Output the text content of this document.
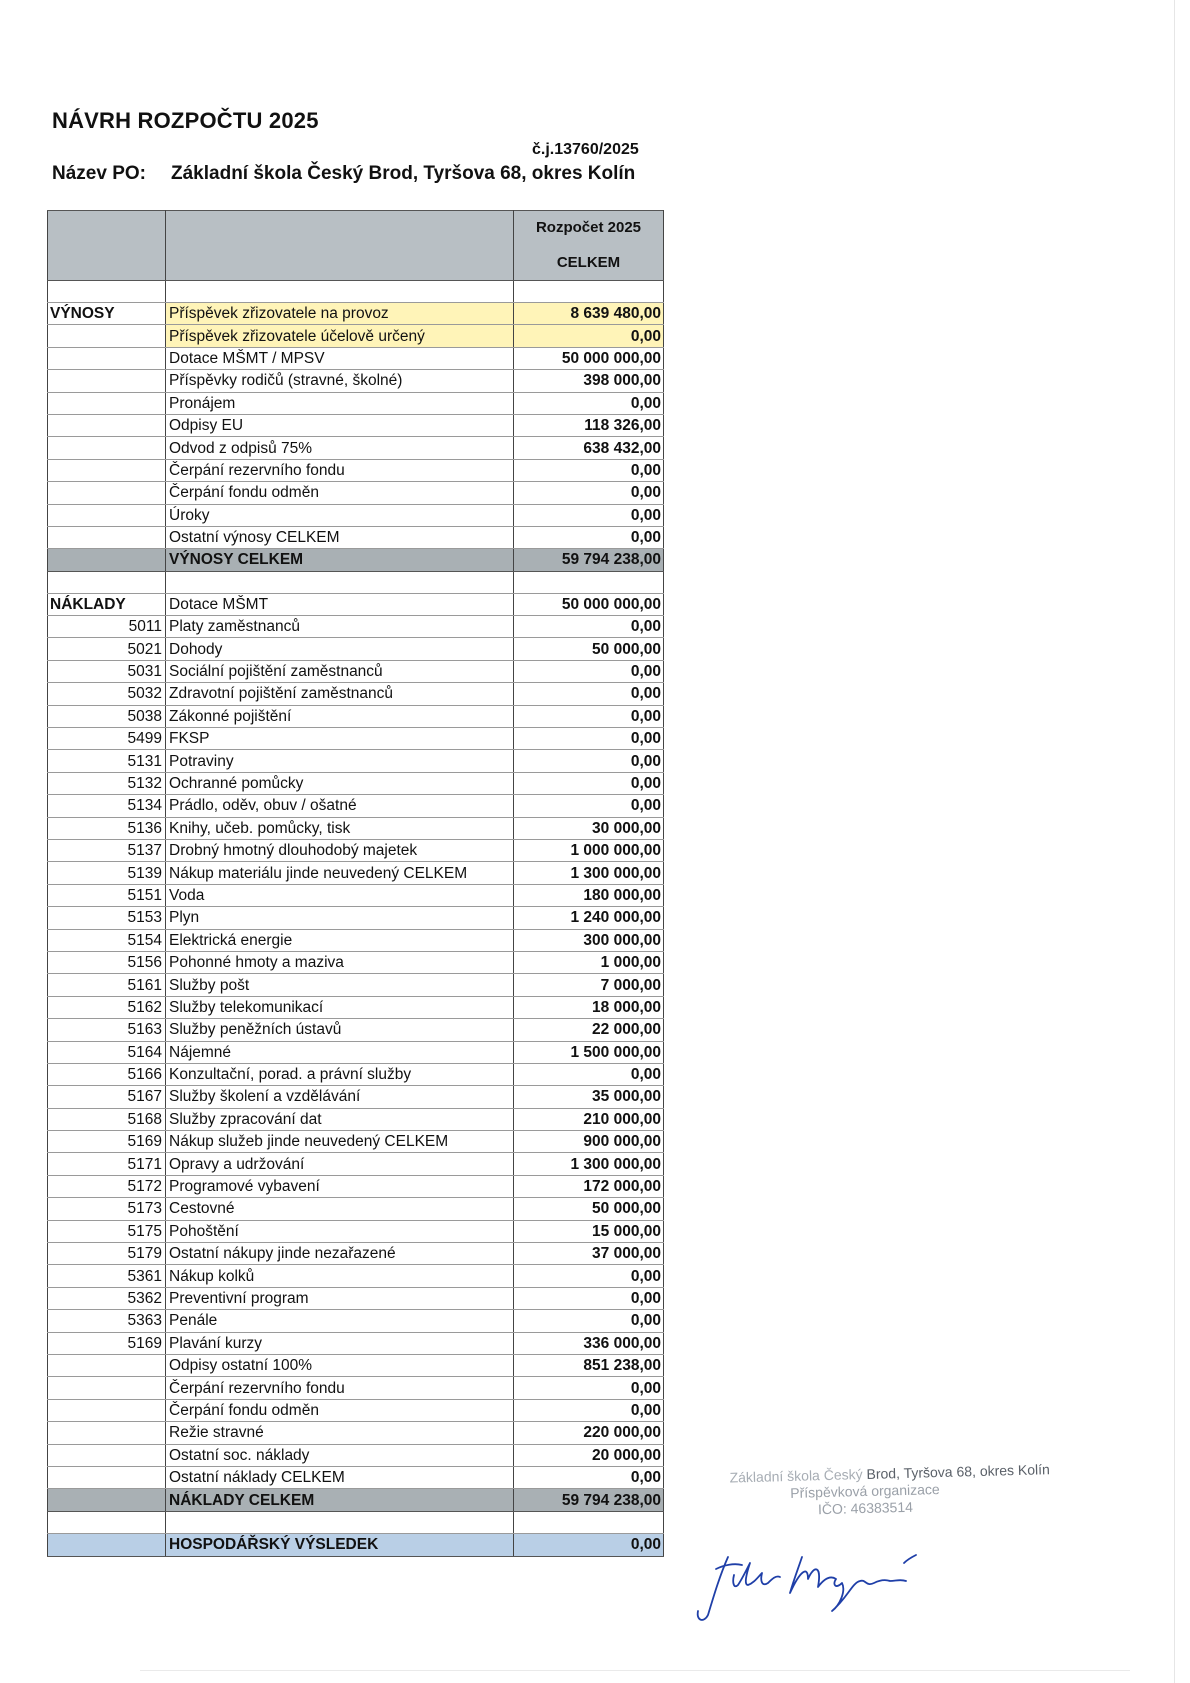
NÁVRH ROZPOČTU 2025
č.j.13760/2025
Název PO: Základní škola Český Brod, Tyršova 68, okres Kolín
		Rozpočet 2025
		CELKEM

VÝNOSY	Příspěvek zřizovatele na provoz	8 639 480,00
	Příspěvek zřizovatele účelově určený	0,00
	Dotace MŠMT / MPSV	50 000 000,00
	Příspěvky rodičů (stravné, školné)	398 000,00
	Pronájem	0,00
	Odpisy EU	118 326,00
	Odvod z odpisů 75%	638 432,00
	Čerpání rezervního fondu	0,00
	Čerpání fondu odměn	0,00
	Úroky	0,00
	Ostatní výnosy CELKEM	0,00
	VÝNOSY CELKEM	59 794 238,00

NÁKLADY	Dotace MŠMT	50 000 000,00
5011	Platy zaměstnanců	0,00
5021	Dohody	50 000,00
5031	Sociální pojištění zaměstnanců	0,00
5032	Zdravotní pojištění zaměstnanců	0,00
5038	Zákonné pojištění	0,00
5499	FKSP	0,00
5131	Potraviny	0,00
5132	Ochranné pomůcky	0,00
5134	Prádlo, oděv, obuv / ošatné	0,00
5136	Knihy, učeb. pomůcky, tisk	30 000,00
5137	Drobný hmotný dlouhodobý majetek	1 000 000,00
5139	Nákup materiálu jinde neuvedený CELKEM	1 300 000,00
5151	Voda	180 000,00
5153	Plyn	1 240 000,00
5154	Elektrická energie	300 000,00
5156	Pohonné hmoty a maziva	1 000,00
5161	Služby pošt	7 000,00
5162	Služby telekomunikací	18 000,00
5163	Služby peněžních ústavů	22 000,00
5164	Nájemné	1 500 000,00
5166	Konzultační, porad. a právní služby	0,00
5167	Služby školení a vzdělávání	35 000,00
5168	Služby zpracování dat	210 000,00
5169	Nákup služeb jinde neuvedený CELKEM	900 000,00
5171	Opravy a udržování	1 300 000,00
5172	Programové vybavení	172 000,00
5173	Cestovné	50 000,00
5175	Pohoštění	15 000,00
5179	Ostatní nákupy jinde nezařazené	37 000,00
5361	Nákup kolků	0,00
5362	Preventivní program	0,00
5363	Penále	0,00
5169	Plavání kurzy	336 000,00
	Odpisy ostatní 100%	851 238,00
	Čerpání rezervního fondu	0,00
	Čerpání fondu odměn	0,00
	Režie stravné	220 000,00
	Ostatní soc. náklady	20 000,00
	Ostatní náklady CELKEM	0,00
	NÁKLADY CELKEM	59 794 238,00

	HOSPODÁŘSKÝ VÝSLEDEK	0,00
Základní škola Český Brod, Tyršova 68, okres Kolín
Příspěvková organizace
IČO: 46383514
